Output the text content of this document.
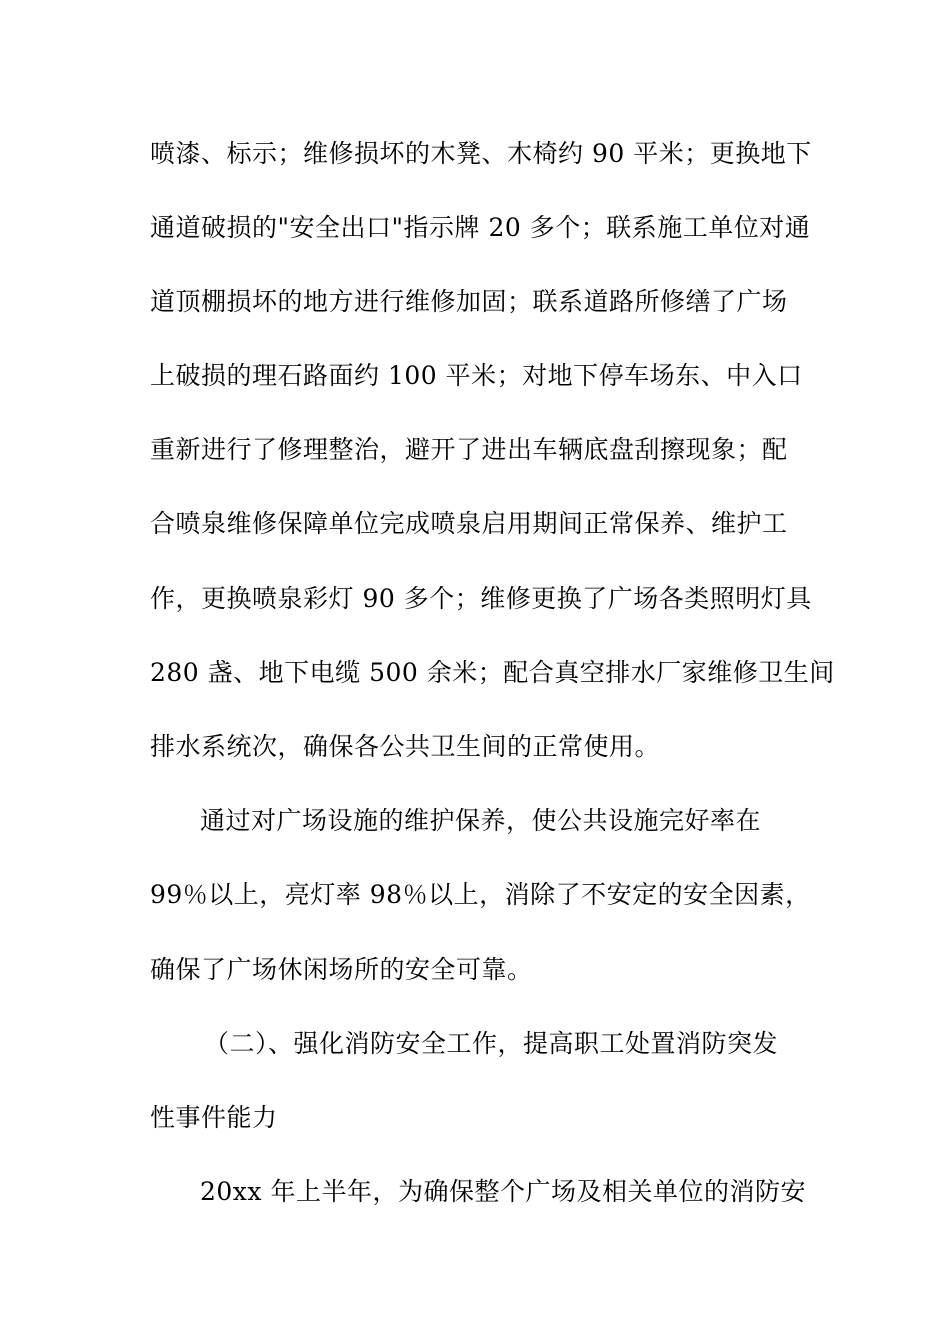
喷漆、标示；维修损坏的木凳、木椅约 90 平米；更换地下
通道破损的"安全出口"指示牌 20 多个；联系施工单位对通
道顶棚损坏的地方进行维修加固；联系道路所修缮了广场
上破损的理石路面约 100 平米；对地下停车场东、中入口
重新进行了修理整治，避开了进出车辆底盘刮擦现象；配
合喷泉维修保障单位完成喷泉启用期间正常保养、维护工
作，更换喷泉彩灯 90 多个；维修更换了广场各类照明灯具
280 盏、地下电缆 500 余米；配合真空排水厂家维修卫生间
排水系统次，确保各公共卫生间的正常使用。
通过对广场设施的维护保养，使公共设施完好率在
99％以上，亮灯率 98％以上，消除了不安定的安全因素，
确保了广场休闲场所的安全可靠。
（二）、强化消防安全工作，提高职工处置消防突发
性事件能力
20xx 年上半年，为确保整个广场及相关单位的消防安
